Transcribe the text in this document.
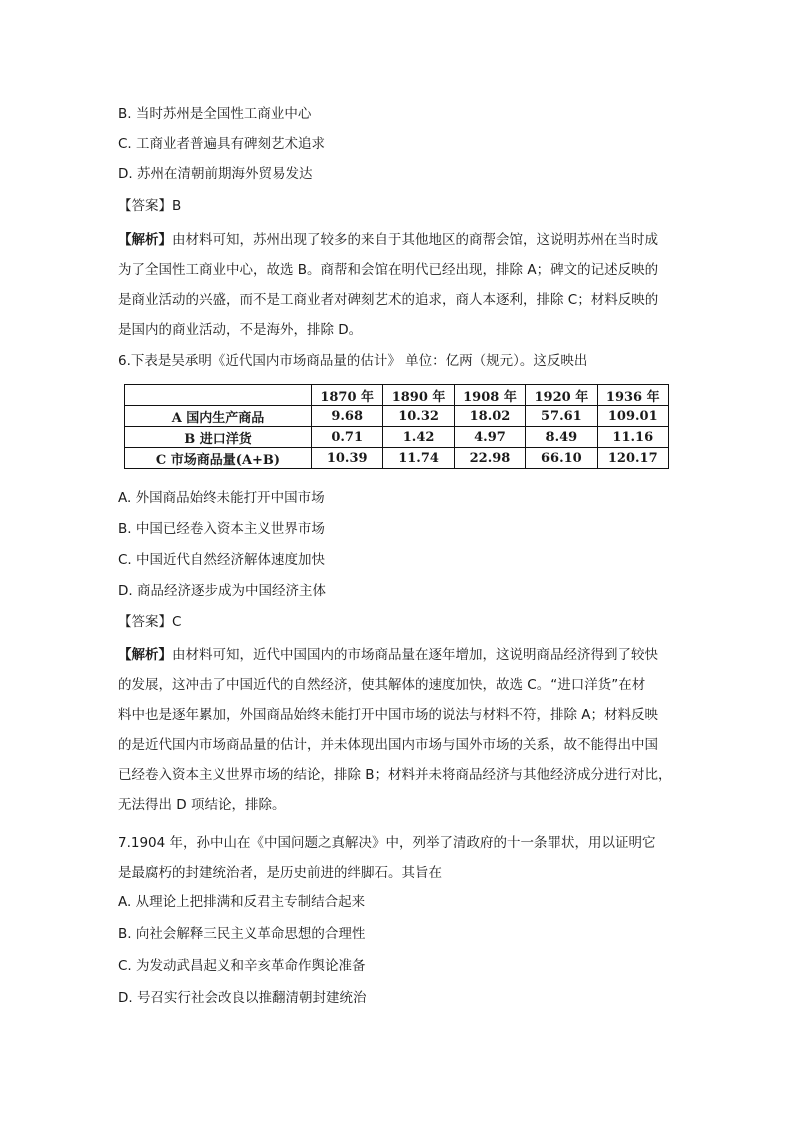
B. 当时苏州是全国性工商业中心
C. 工商业者普遍具有碑刻艺术追求
D. 苏州在清朝前期海外贸易发达
【答案】B

【解析】由材料可知，苏州出现了较多的来自于其他地区的商帮会馆，这说明苏州在当时成

为了全国性工商业中心，故选 B。商帮和会馆在明代已经出现，排除 A；碑文的记述反映的

是商业活动的兴盛，而不是工商业者对碑刻艺术的追求，商人本逐利，排除 C；材料反映的

是国内的商业活动，不是海外，排除 D。

6.下表是吴承明《近代国内市场商品量的估计》 单位：亿两（规元）。这反映出
	1870 年	1890 年	1908 年	1920 年	1936 年
A 国内生产商品	9.68	10.32	18.02	57.61	109.01
B 进口洋货	0.71	1.42	4.97	8.49	11.16
C 市场商品量(A+B)	10.39	11.74	22.98	66.10	120.17
A. 外国商品始终未能打开中国市场
B. 中国已经卷入资本主义世界市场
C. 中国近代自然经济解体速度加快
D. 商品经济逐步成为中国经济主体
【答案】C

【解析】由材料可知，近代中国国内的市场商品量在逐年增加，这说明商品经济得到了较快

的发展，这冲击了中国近代的自然经济，使其解体的速度加快，故选 C。“进口洋货”在材

料中也是逐年累加，外国商品始终未能打开中国市场的说法与材料不符，排除 A；材料反映

的是近代国内市场商品量的估计，并未体现出国内市场与国外市场的关系，故不能得出中国

已经卷入资本主义世界市场的结论，排除 B；材料并未将商品经济与其他经济成分进行对比，

无法得出 D 项结论，排除。

7.1904 年，孙中山在《中国问题之真解决》中，列举了清政府的十一条罪状，用以证明它

是最腐朽的封建统治者，是历史前进的绊脚石。其旨在

A. 从理论上把排满和反君主专制结合起来
B. 向社会解释三民主义革命思想的合理性
C. 为发动武昌起义和辛亥革命作舆论准备
D. 号召实行社会改良以推翻清朝封建统治
